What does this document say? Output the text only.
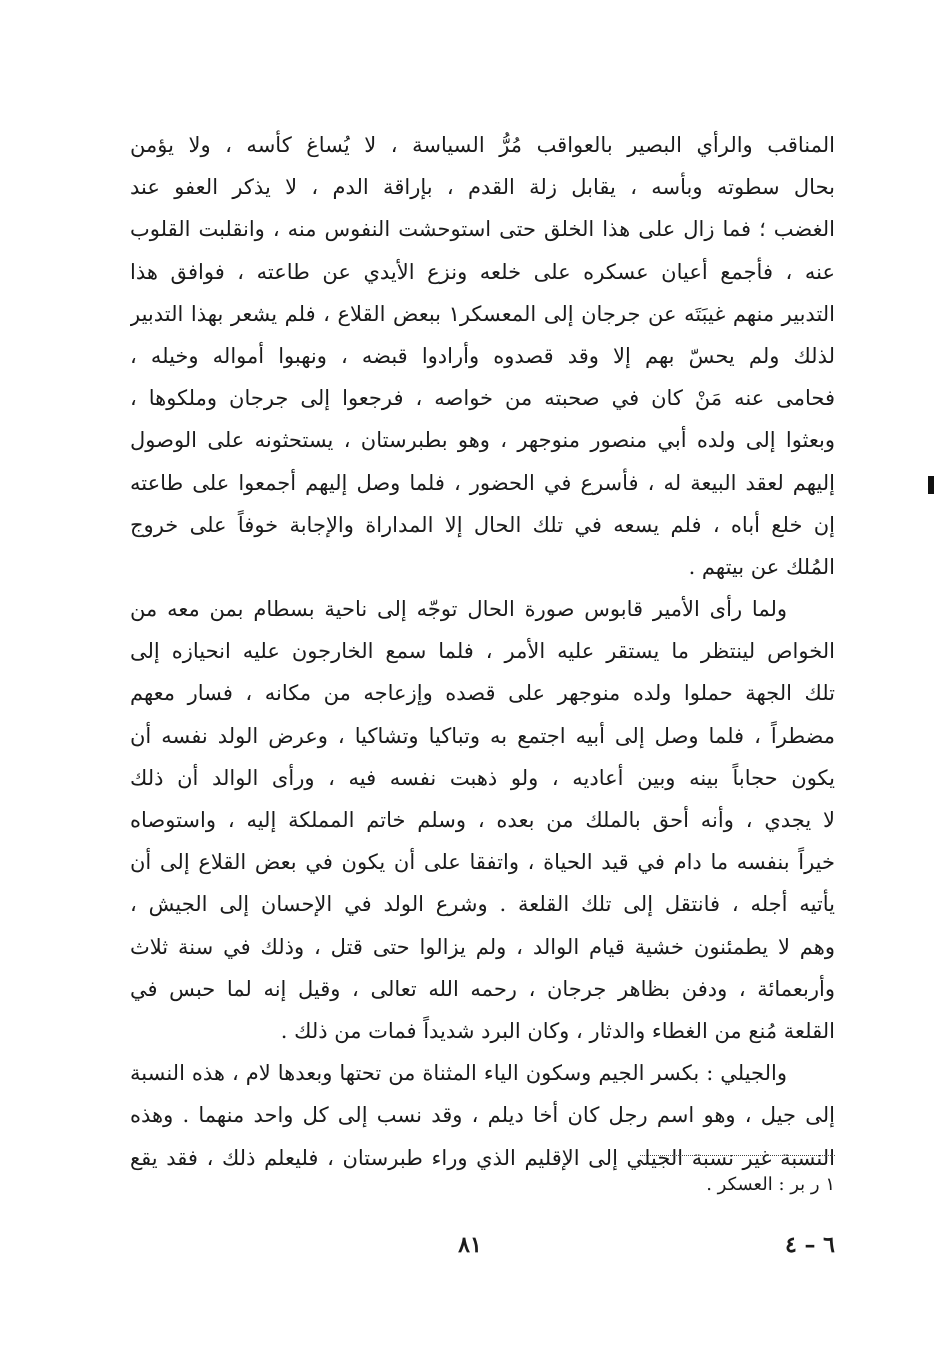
المناقب والرأي البصير بالعواقب مُرُّ السياسة ، لا يُساغ كأسه ، ولا يؤمن
بحال سطوته وبأسه ، يقابل زلة القدم ، بإراقة الدم ، لا يذكر العفو عند
الغضب ؛ فما زال على هذا الخلق حتى استوحشت النفوس منه ، وانقلبت القلوب
عنه ، فأجمع أعيان عسكره على خلعه ونزع الأيدي عن طاعته ، فوافق هذا
التدبير منهم غيبَتَه عن جرجان إلى المعسكر١ ببعض القلاع ، فلم يشعر بهذا التدبير
لذلك ولم يحسّ بهم إلا وقد قصدوه وأرادوا قبضه ، ونهبوا أمواله وخيله ،
فحامى عنه مَنْ كان في صحبته من خواصه ، فرجعوا إلى جرجان وملكوها ،
وبعثوا إلى ولده أبي منصور منوجهر ، وهو بطبرستان ، يستحثونه على الوصول
إليهم لعقد البيعة له ، فأسرع في الحضور ، فلما وصل إليهم أجمعوا على طاعته
إن خلع أباه ، فلم يسعه في تلك الحال إلا المداراة والإجابة خوفاً على خروج
المُلك عن بيتهم .
ولما رأى الأمير قابوس صورة الحال توجّه إلى ناحية بسطام بمن معه من
الخواص لينتظر ما يستقر عليه الأمر ، فلما سمع الخارجون عليه انحيازه إلى
تلك الجهة حملوا ولده منوجهر على قصده وإزعاجه من مكانه ، فسار معهم
مضطراً ، فلما وصل إلى أبيه اجتمع به وتباكيا وتشاكيا ، وعرض الولد نفسه أن
يكون حجاباً بينه وبين أعاديه ، ولو ذهبت نفسه فيه ، ورأى الوالد أن ذلك
لا يجدي ، وأنه أحق بالملك من بعده ، وسلم خاتم المملكة إليه ، واستوصاه
خيراً بنفسه ما دام في قيد الحياة ، واتفقا على أن يكون في بعض القلاع إلى أن
يأتيه أجله ، فانتقل إلى تلك القلعة . وشرع الولد في الإحسان إلى الجيش ،
وهم لا يطمئنون خشية قيام الوالد ، ولم يزالوا حتى قتل ، وذلك في سنة ثلاث
وأربعمائة ، ودفن بظاهر جرجان ، رحمه الله تعالى ، وقيل إنه لما حبس في
القلعة مُنع من الغطاء والدثار ، وكان البرد شديداً فمات من ذلك .
والجيلي : بكسر الجيم وسكون الياء المثناة من تحتها وبعدها لام ، هذه النسبة
إلى جيل ، وهو اسم رجل كان أخا ديلم ، وقد نسب إلى كل واحد منهما . وهذه
النسبة غير نسبة الجيلي إلى الإقليم الذي وراء طبرستان ، فليعلم ذلك ، فقد يقع
١ ر بر : العسكر .
٨١	٦ – ٤
